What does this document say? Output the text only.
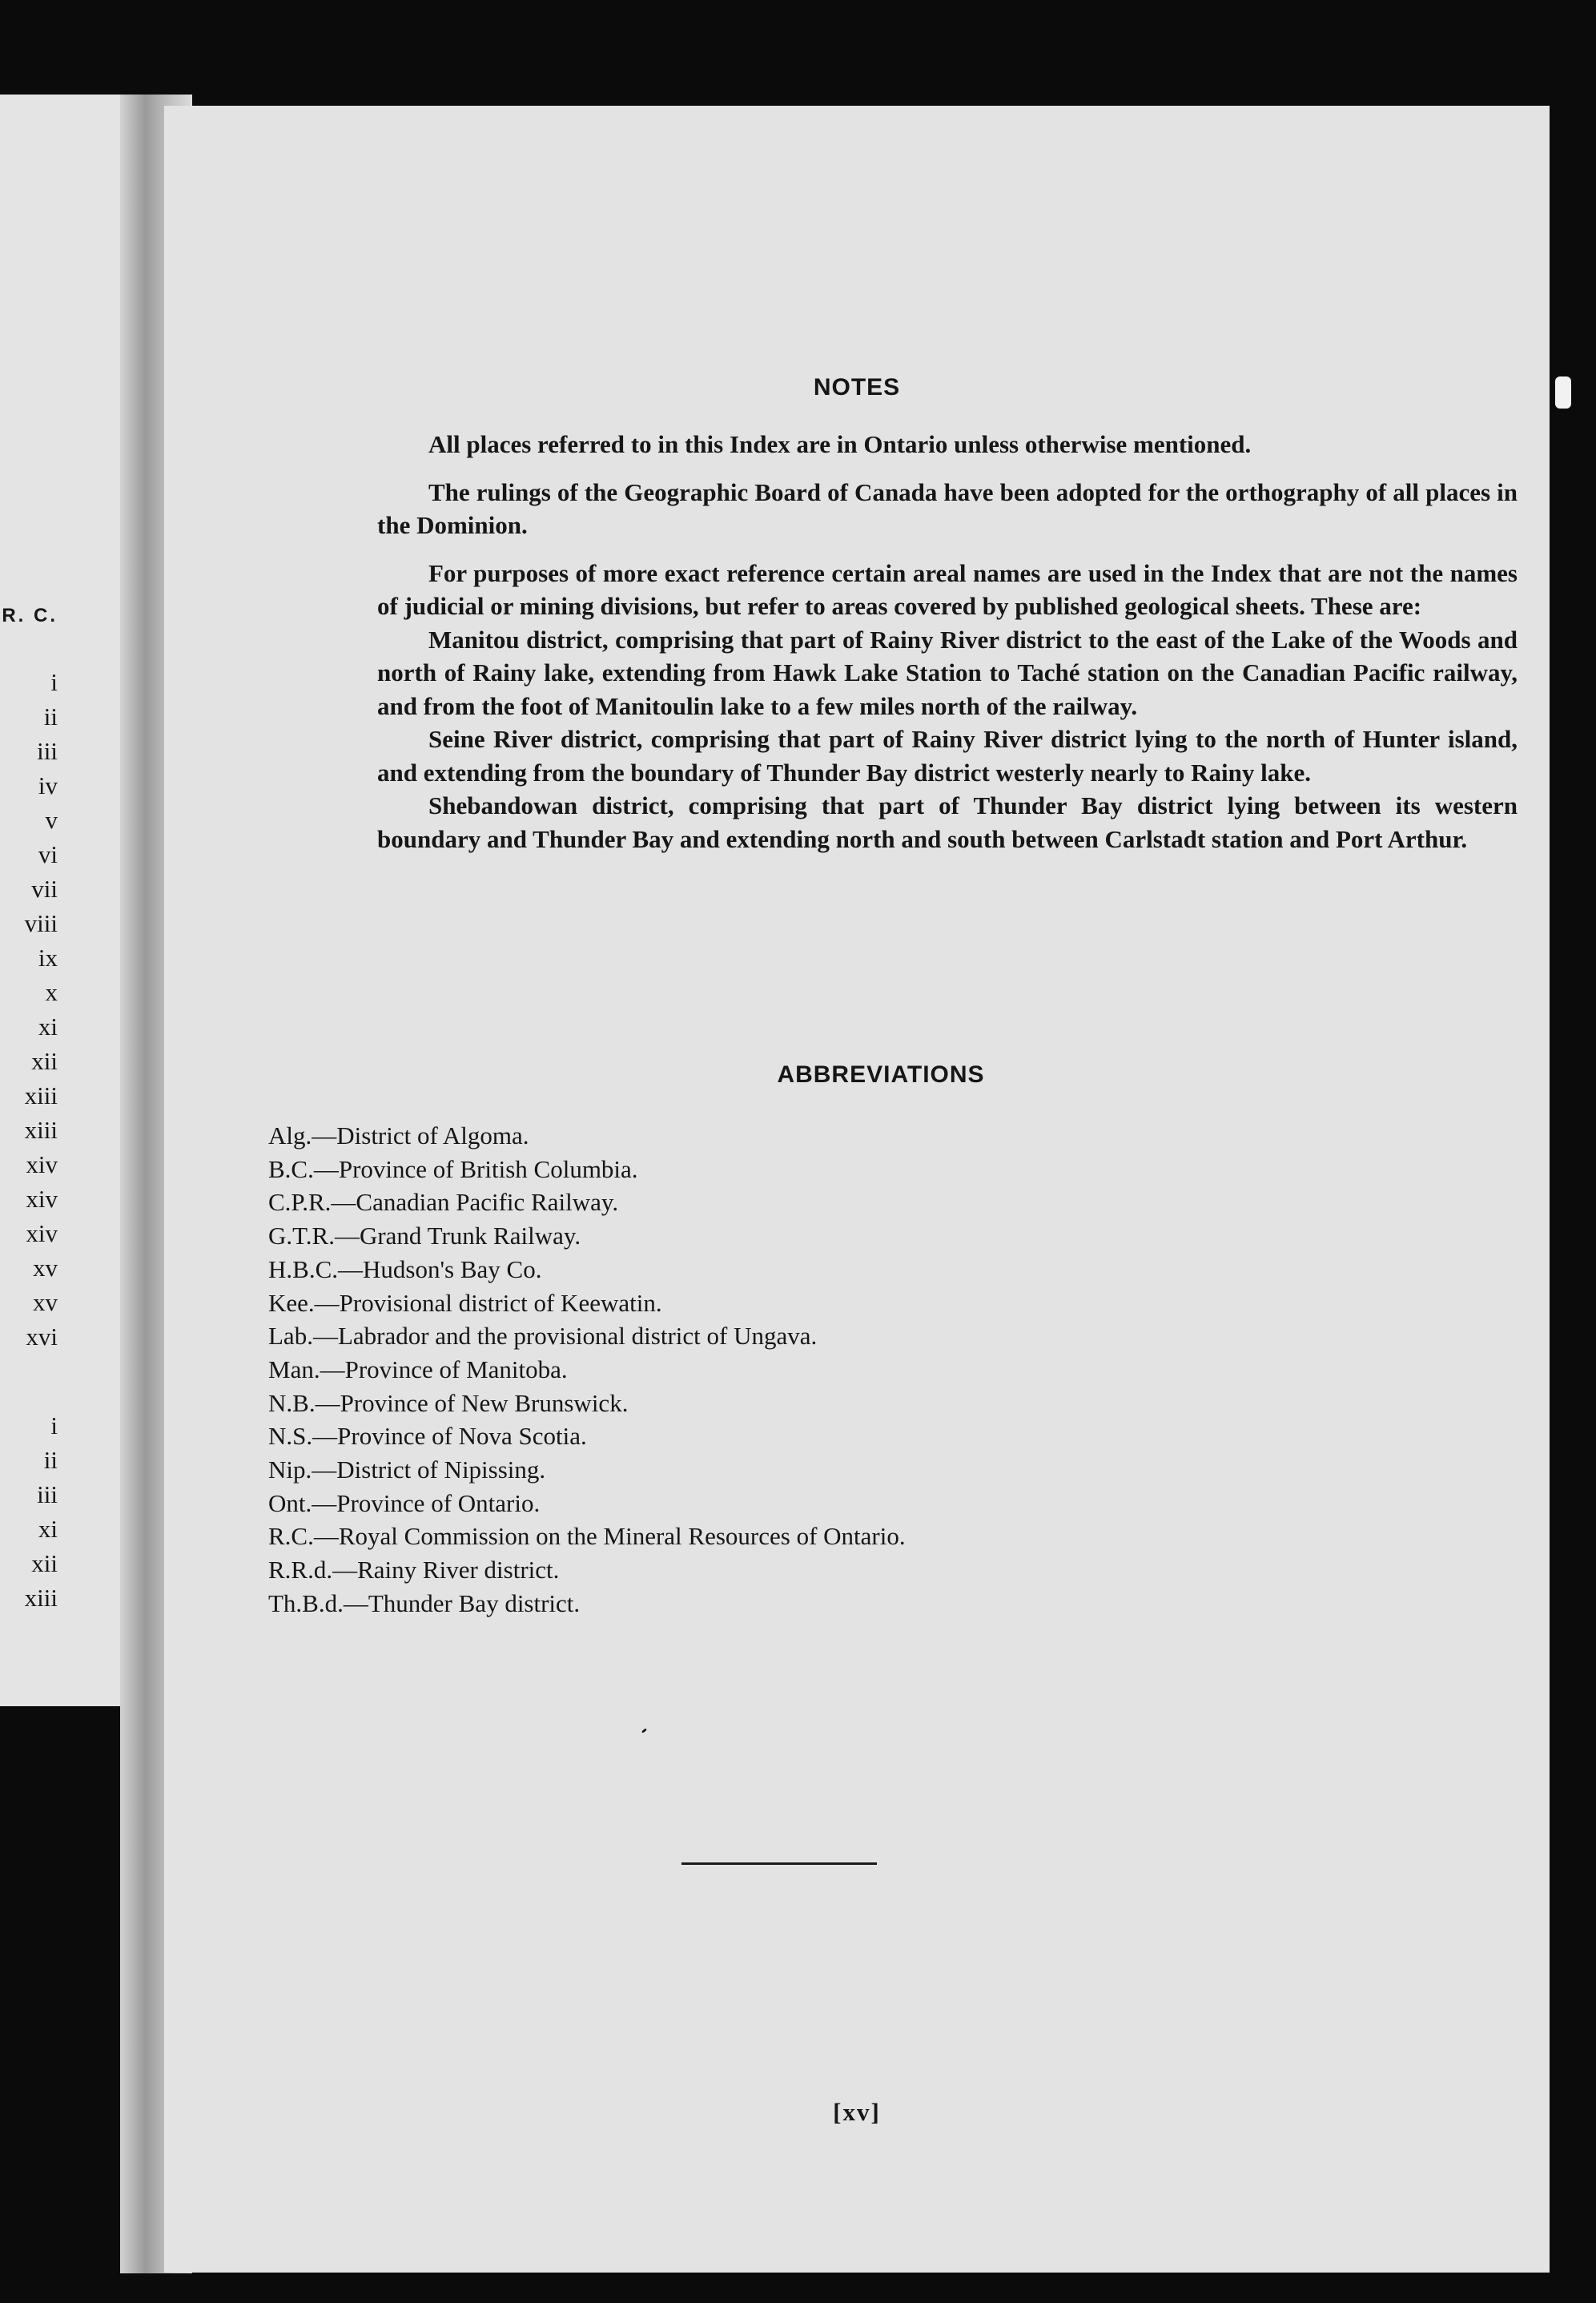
R. C.
i
ii
iii
iv
v
vi
vii
viii
ix
x
xi
xii
xiii
xiii
xiv
xiv
xiv
xv
xv
xvi
i
ii
iii
xi
xii
xiii
NOTES

All places referred to in this Index are in Ontario unless otherwise mentioned.

The rulings of the Geographic Board of Canada have been adopted for the orthography of all places in the Dominion.

For purposes of more exact reference certain areal names are used in the Index that are not the names of judicial or mining divisions, but refer to areas covered by published geological sheets. These are:

Manitou district, comprising that part of Rainy River district to the east of the Lake of the Woods and north of Rainy lake, extending from Hawk Lake Station to Taché station on the Canadian Pacific railway, and from the foot of Manitoulin lake to a few miles north of the railway.

Seine River district, comprising that part of Rainy River district lying to the north of Hunter island, and extending from the boundary of Thunder Bay district westerly nearly to Rainy lake.

Shebandowan district, comprising that part of Thunder Bay district lying between its western boundary and Thunder Bay and extending north and south between Carlstadt station and Port Arthur.

ABBREVIATIONS
Alg.—District of Algoma.
B.C.—Province of British Columbia.
C.P.R.—Canadian Pacific Railway.
G.T.R.—Grand Trunk Railway.
H.B.C.—Hudson's Bay Co.
Kee.—Provisional district of Keewatin.
Lab.—Labrador and the provisional district of Ungava.
Man.—Province of Manitoba.
N.B.—Province of New Brunswick.
N.S.—Province of Nova Scotia.
Nip.—District of Nipissing.
Ont.—Province of Ontario.
R.C.—Royal Commission on the Mineral Resources of Ontario.
R.R.d.—Rainy River district.
Th.B.d.—Thunder Bay district.
[xv]
